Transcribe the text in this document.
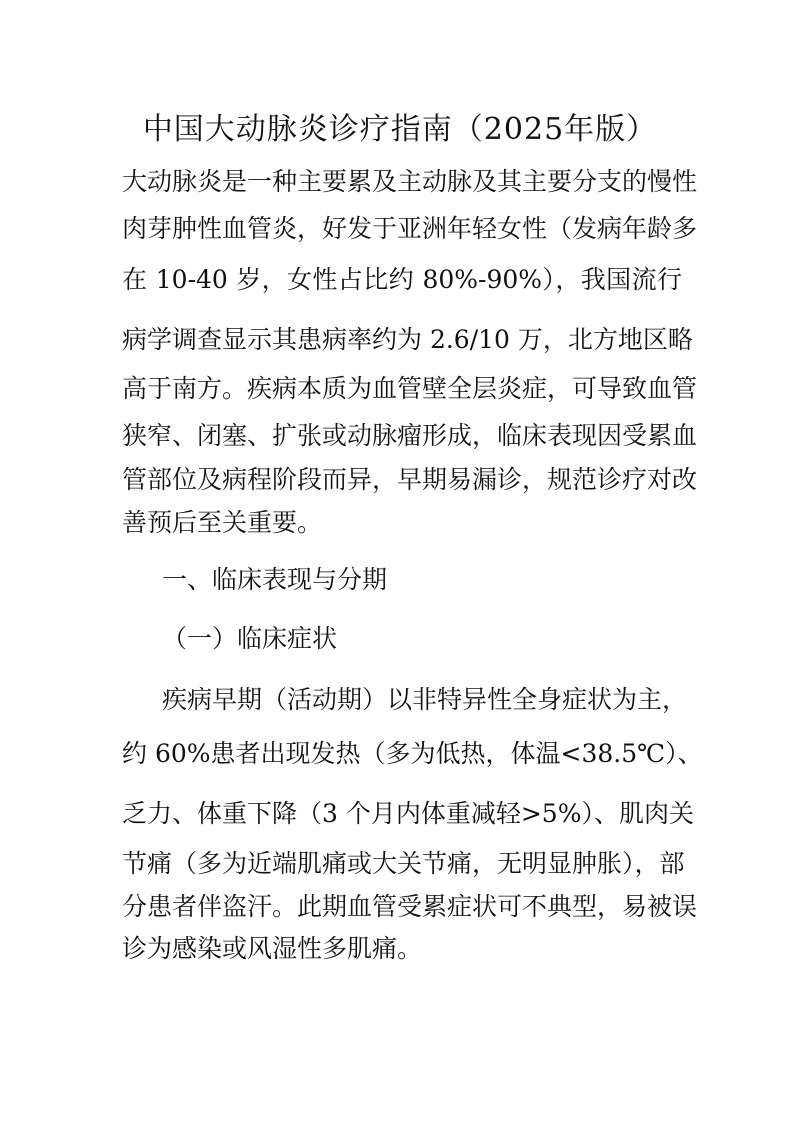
中国大动脉炎诊疗指南（2025年版）
大动脉炎是一种主要累及主动脉及其主要分支的慢性
肉芽肿性血管炎，好发于亚洲年轻女性（发病年龄多
在 10-40 岁，女性占比约 80%-90%），我国流行
病学调查显示其患病率约为 2.6/10 万，北方地区略
高于南方。疾病本质为血管壁全层炎症，可导致血管
狭窄、闭塞、扩张或动脉瘤形成，临床表现因受累血
管部位及病程阶段而异，早期易漏诊，规范诊疗对改
善预后至关重要。
一、临床表现与分期
（一）临床症状
疾病早期（活动期）以非特异性全身症状为主，
约 60%患者出现发热（多为低热，体温<38.5℃）、
乏力、体重下降（3 个月内体重减轻>5%）、肌肉关
节痛（多为近端肌痛或大关节痛，无明显肿胀），部
分患者伴盗汗。此期血管受累症状可不典型，易被误
诊为感染或风湿性多肌痛。
